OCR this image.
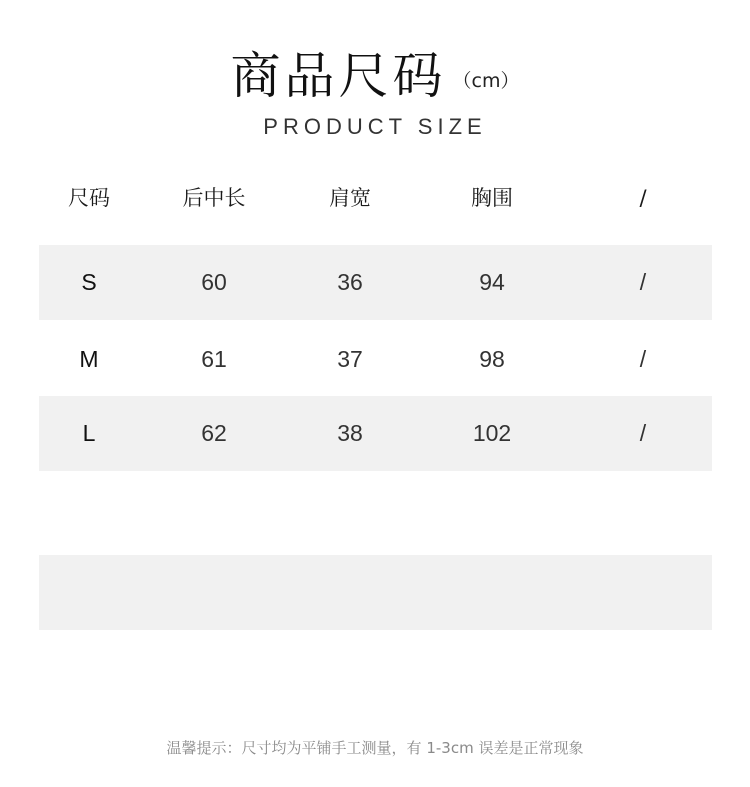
商品尺码 （cm）
PRODUCT SIZE
尺码	后中长	肩宽	胸围	/
S	60	36	94	/
M	61	37	98	/
L	62	38	102	/
温馨提示：尺寸均为平铺手工测量，有 1-3cm 误差是正常现象
